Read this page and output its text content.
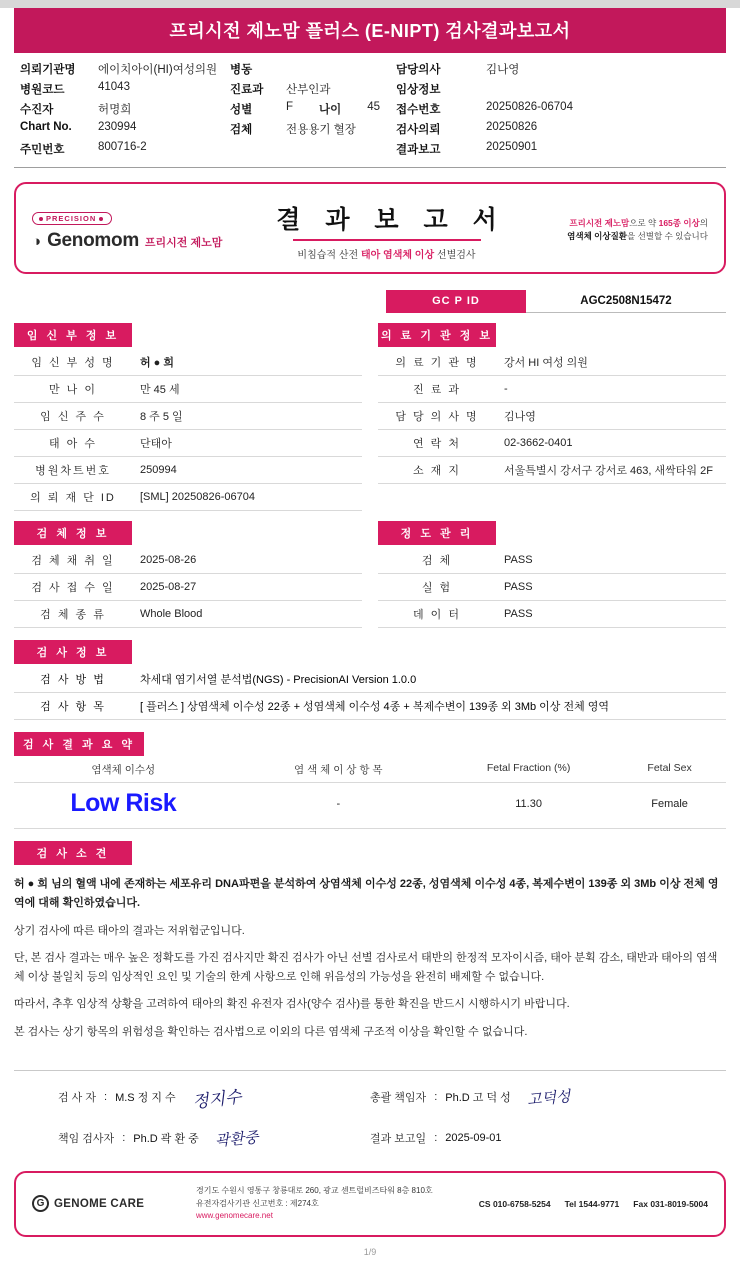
프리시전 제노맘 플러스 (E-NIPT) 검사결과보고서
의뢰기관명	에이치아이(HI)여성의원	병동	담당의사	김나영
병원코드	41043	진료과	산부인과	임상정보
수진자	허명희	성별	F 나이 45 접수번호	20250826-06704
Chart No.	230994	검체	전용용기 혈장	검사의뢰	20250826
주민번호	800716-2	결과보고	20250901
PRECISION
◑ Genomom 프리시전 제노맘
결 과 보 고 서
비침습적 산전 태아 염색체 이상 선별검사
프리시전 제노맘으로 약 165종 이상의
염색체 이상질환을 선별할 수 있습니다
GC P ID	AGC2508N15472
임 신 부 정 보
임 신 부 성 명	허 ● 희
만 나 이	만 45 세
임 신 주 수	8 주 5 일
태 아 수	단태아
병원차트번호	250994
의 뢰 재 단 ID	[SML] 20250826-06704
의 료 기 관 정 보
의 료 기 관 명	강서 HI 여성 의원
진 료 과	-
담 당 의 사 명	김나영
연 락 처	02-3662-0401
소 재 지	서울특별시 강서구 강서로 463, 새싹타워 2F
검 체 정 보
검 체 채 취 일	2025-08-26
검 사 접 수 일	2025-08-27
검 체 종 류	Whole Blood
정 도 관 리
검 체	PASS
실 험	PASS
데 이 터	PASS
검 사 정 보
검 사 방 법	차세대 염기서열 분석법(NGS) - PrecisionAI Version 1.0.0
검 사 항 목	[ 플러스 ] 상염색체 이수성 22종 + 성염색체 이수성 4종 + 복제수변이 139종 외 3Mb 이상 전체 영역
검 사 결 과 요 약
염색체 이수성	염 색 체 이 상 항 목	Fetal Fraction (%)	Fetal Sex
Low Risk	-	11.30	Female
검 사 소 견

허 ● 희 님의 혈액 내에 존재하는 세포유리 DNA파편을 분석하여 상염색체 이수성 22종, 성염색체 이수성 4종, 복제수변이 139종 외 3Mb 이상 전체 영역에 대해 확인하였습니다.

상기 검사에 따른 태아의 결과는 저위험군입니다.

단, 본 검사 결과는 매우 높은 정확도를 가진 검사지만 확진 검사가 아닌 선별 검사로서 태반의 한정적 모자이시즘, 태아 분획 감소, 태반과 태아의 염색체 이상 불일치 등의 임상적인 요인 및 기술의 한계 사항으로 인해 위음성의 가능성을 완전히 배제할 수 없습니다.

따라서, 추후 임상적 상황을 고려하여 태아의 확진 유전자 검사(양수 검사)를 통한 확진을 반드시 시행하시기 바랍니다.

본 검사는 상기 항목의 위험성을 확인하는 검사법으로 이외의 다른 염색체 구조적 이상을 확인할 수 없습니다.

검 사 자 : M.S 정 지 수 정지수	총괄 책임자 : Ph.D 고 덕 성 고덕성
책임 검사자 : Ph.D 곽 환 중 곽환중	결과 보고일 : 2025-09-01
G GENOME CARE
경기도 수원시 영통구 창룡대로 260, 광교 센트럴비즈타워 8층 810호
유전자검사기관 신고번호 : 제274호
www.genomecare.net
CS 010-6758-5254 Tel 1544-9771 Fax 031-8019-5004
1/9
